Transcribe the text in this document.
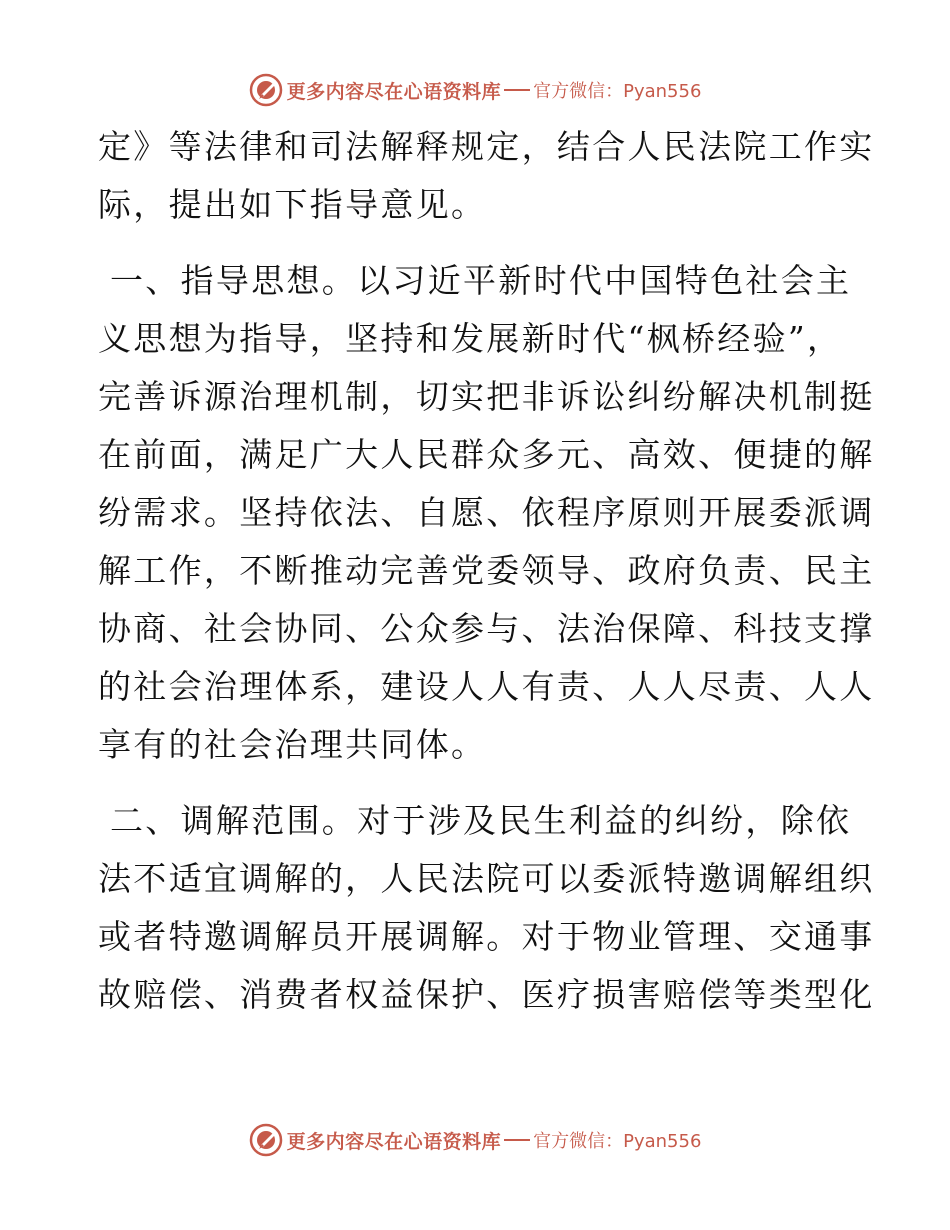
更多内容尽在心语资料库 官方微信：Pyan556
定》等法律和司法解释规定，结合人民法院工作实
际，提出如下指导意见。
一、指导思想。以习近平新时代中国特色社会主
义思想为指导，坚持和发展新时代“枫桥经验”，
完善诉源治理机制，切实把非诉讼纠纷解决机制挺
在前面，满足广大人民群众多元、高效、便捷的解
纷需求。坚持依法、自愿、依程序原则开展委派调
解工作，不断推动完善党委领导、政府负责、民主
协商、社会协同、公众参与、法治保障、科技支撑
的社会治理体系，建设人人有责、人人尽责、人人
享有的社会治理共同体。
二、调解范围。对于涉及民生利益的纠纷，除依
法不适宜调解的，人民法院可以委派特邀调解组织
或者特邀调解员开展调解。对于物业管理、交通事
故赔偿、消费者权益保护、医疗损害赔偿等类型化
更多内容尽在心语资料库 官方微信：Pyan556
